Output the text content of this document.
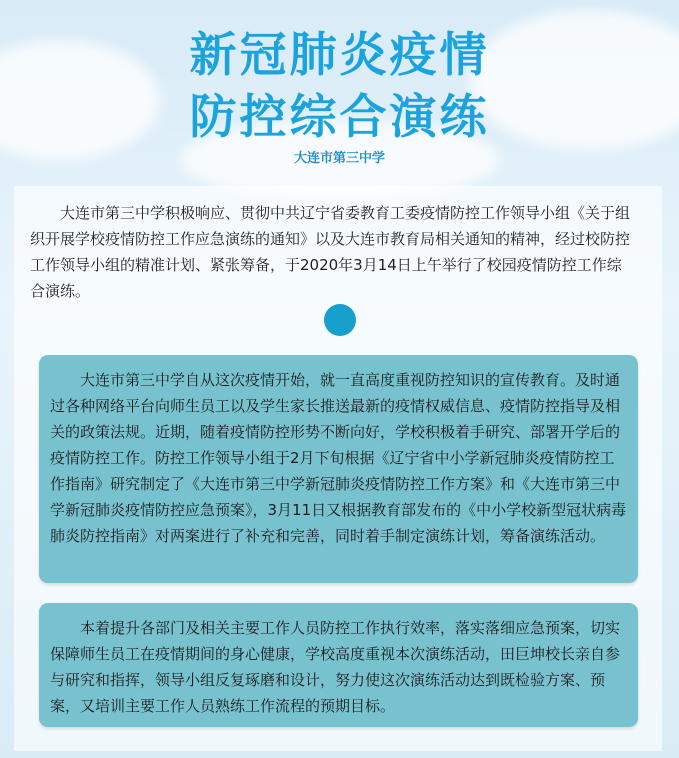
新冠肺炎疫情
防控综合演练
大连市第三中学
大连市第三中学积极响应、贯彻中共辽宁省委教育工委疫情防控工作领导小组《关于组织开展学校疫情防控工作应急演练的通知》以及大连市教育局相关通知的精神，经过校防控工作领导小组的精准计划、紧张筹备，于2020年3月14日上午举行了校园疫情防控工作综合演练。
大连市第三中学自从这次疫情开始，就一直高度重视防控知识的宣传教育。及时通过各种网络平台向师生员工以及学生家长推送最新的疫情权威信息、疫情防控指导及相关的政策法规。近期，随着疫情防控形势不断向好，学校积极着手研究、部署开学后的疫情防控工作。防控工作领导小组于2月下旬根据《辽宁省中小学新冠肺炎疫情防控工作指南》研究制定了《大连市第三中学新冠肺炎疫情防控工作方案》和《大连市第三中学新冠肺炎疫情防控应急预案》，3月11日又根据教育部发布的《中小学校新型冠状病毒肺炎防控指南》对两案进行了补充和完善，同时着手制定演练计划，筹备演练活动。
本着提升各部门及相关主要工作人员防控工作执行效率，落实落细应急预案，切实保障师生员工在疫情期间的身心健康，学校高度重视本次演练活动，田巨坤校长亲自参与研究和指挥，领导小组反复琢磨和设计，努力使这次演练活动达到既检验方案、预案，又培训主要工作人员熟练工作流程的预期目标。
